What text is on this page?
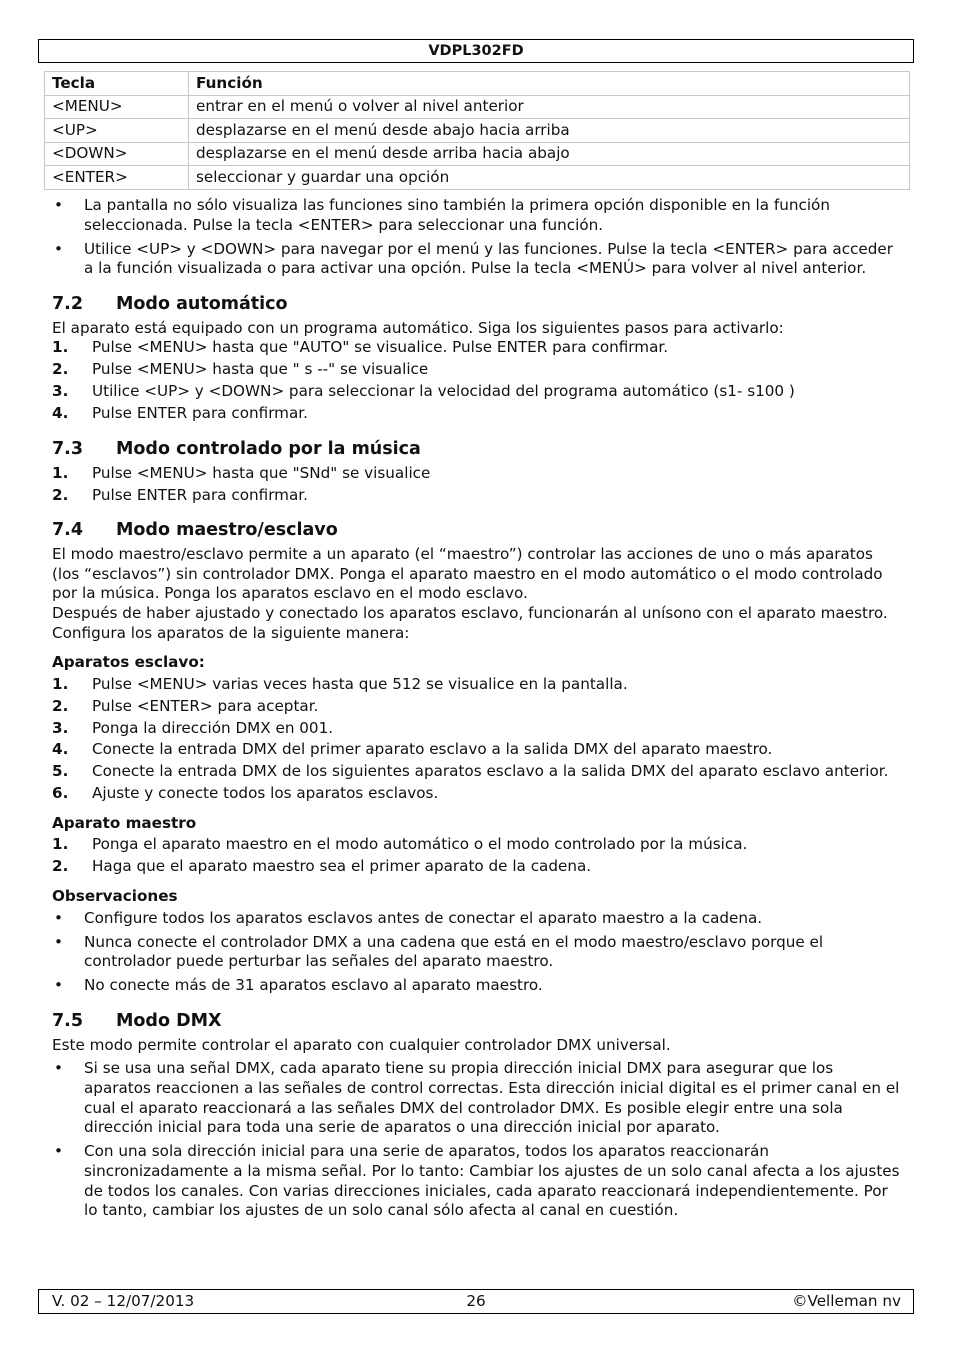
VDPL302FD
Tecla	Función
<MENU>	entrar en el menú o volver al nivel anterior
<UP>	desplazarse en el menú desde abajo hacia arriba
<DOWN>	desplazarse en el menú desde arriba hacia abajo
<ENTER>	seleccionar y guardar una opción
• La pantalla no sólo visualiza las funciones sino también la primera opción disponible en la función seleccionada. Pulse la tecla <ENTER> para seleccionar una función.
• Utilice <UP> y <DOWN> para navegar por el menú y las funciones. Pulse la tecla <ENTER> para acceder a la función visualizada o para activar una opción. Pulse la tecla <MENÚ> para volver al nivel anterior.
7.2 Modo automático

El aparato está equipado con un programa automático. Siga los siguientes pasos para activarlo:

1. Pulse <MENU> hasta que "AUTO" se visualice. Pulse ENTER para confirmar.
2. Pulse <MENU> hasta que " s --" se visualice
3. Utilice <UP> y <DOWN> para seleccionar la velocidad del programa automático (s1- s100 )
4. Pulse ENTER para confirmar.
7.3 Modo controlado por la música
1. Pulse <MENU> hasta que "SNd" se visualice
2. Pulse ENTER para confirmar.
7.4 Modo maestro/esclavo

El modo maestro/esclavo permite a un aparato (el “maestro”) controlar las acciones de uno o más aparatos (los “esclavos”) sin controlador DMX. Ponga el aparato maestro en el modo automático o el modo controlado por la música. Ponga los aparatos esclavo en el modo esclavo.

Después de haber ajustado y conectado los aparatos esclavo, funcionarán al unísono con el aparato maestro. Configura los aparatos de la siguiente manera:

Aparatos esclavo:
1. Pulse <MENU> varias veces hasta que 512 se visualice en la pantalla.
2. Pulse <ENTER> para aceptar.
3. Ponga la dirección DMX en 001.
4. Conecte la entrada DMX del primer aparato esclavo a la salida DMX del aparato maestro.
5. Conecte la entrada DMX de los siguientes aparatos esclavo a la salida DMX del aparato esclavo anterior.
6. Ajuste y conecte todos los aparatos esclavos.
Aparato maestro
1. Ponga el aparato maestro en el modo automático o el modo controlado por la música.
2. Haga que el aparato maestro sea el primer aparato de la cadena.
Observaciones
• Configure todos los aparatos esclavos antes de conectar el aparato maestro a la cadena.
• Nunca conecte el controlador DMX a una cadena que está en el modo maestro/esclavo porque el controlador puede perturbar las señales del aparato maestro.
• No conecte más de 31 aparatos esclavo al aparato maestro.
7.5 Modo DMX

Este modo permite controlar el aparato con cualquier controlador DMX universal.

• Si se usa una señal DMX, cada aparato tiene su propia dirección inicial DMX para asegurar que los aparatos reaccionen a las señales de control correctas. Esta dirección inicial digital es el primer canal en el cual el aparato reaccionará a las señales DMX del controlador DMX. Es posible elegir entre una sola dirección inicial para toda una serie de aparatos o una dirección inicial por aparato.
• Con una sola dirección inicial para una serie de aparatos, todos los aparatos reaccionarán sincronizadamente a la misma señal. Por lo tanto: Cambiar los ajustes de un solo canal afecta a los ajustes de todos los canales. Con varias direcciones iniciales, cada aparato reaccionará independientemente. Por lo tanto, cambiar los ajustes de un solo canal sólo afecta al canal en cuestión.
V. 02 – 12/07/2013	26	©Velleman nv
